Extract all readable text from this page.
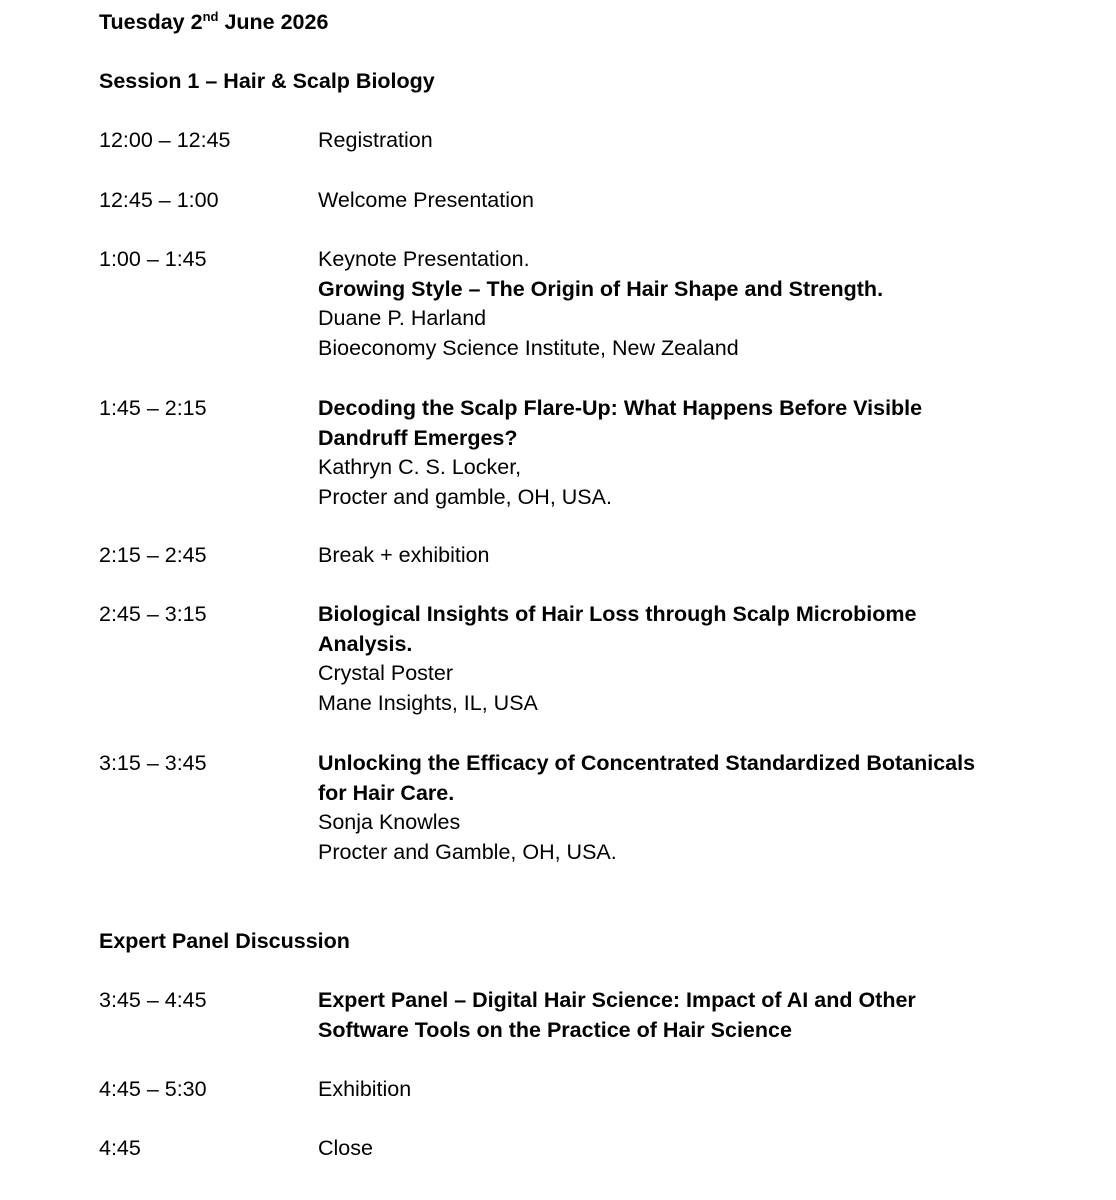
Tuesday 2nd June 2026
Session 1 – Hair & Scalp Biology
12:00 – 12:45	Registration
12:45 – 1:00	Welcome Presentation
1:00 – 1:45	Keynote Presentation.
Growing Style – The Origin of Hair Shape and Strength.
Duane P. Harland
Bioeconomy Science Institute, New Zealand
1:45 – 2:15	Decoding the Scalp Flare-Up: What Happens Before Visible Dandruff Emerges?
Kathryn C. S. Locker,
Procter and gamble, OH, USA.
2:15 – 2:45	Break + exhibition
2:45 – 3:15	Biological Insights of Hair Loss through Scalp Microbiome Analysis.
Crystal Poster
Mane Insights, IL, USA
3:15 – 3:45	Unlocking the Efficacy of Concentrated Standardized Botanicals for Hair Care.
Sonja Knowles
Procter and Gamble, OH, USA.
Expert Panel Discussion
3:45 – 4:45	Expert Panel – Digital Hair Science: Impact of AI and Other Software Tools on the Practice of Hair Science
4:45 – 5:30	Exhibition
4:45	Close
